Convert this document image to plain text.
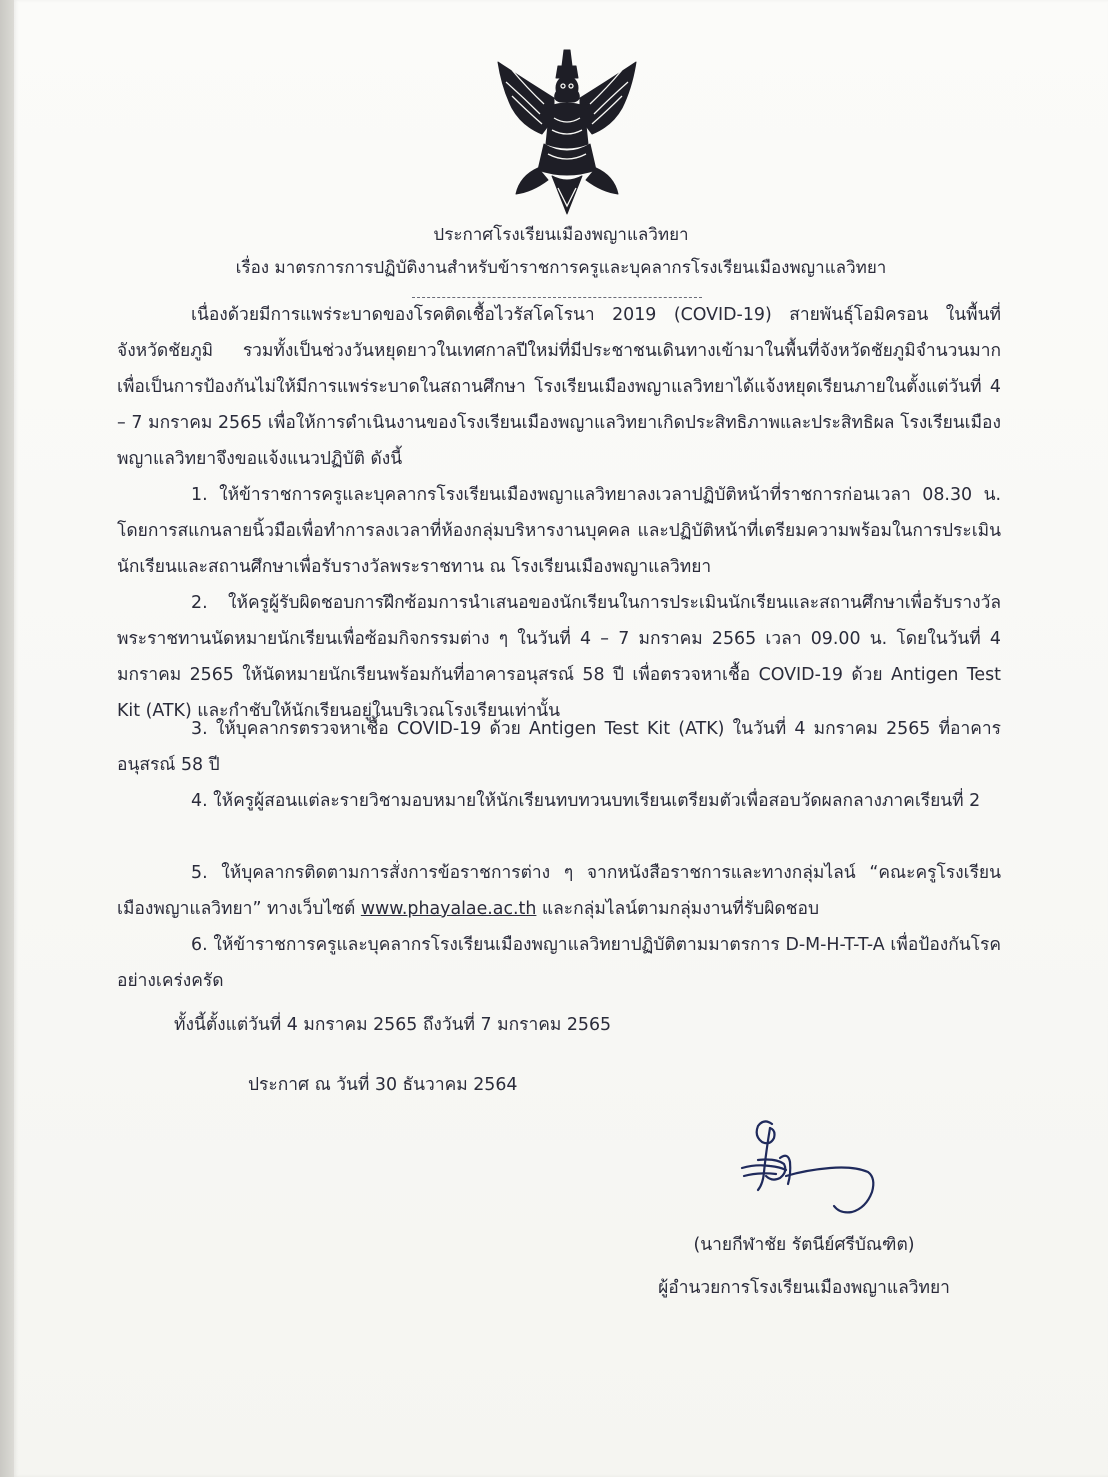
ประกาศโรงเรียนเมืองพญาแลวิทยา
เรื่อง มาตรการการปฏิบัติงานสำหรับข้าราชการครูและบุคลากรโรงเรียนเมืองพญาแลวิทยา

เนื่องด้วยมีการแพร่ระบาดของโรคติดเชื้อไวรัสโคโรนา 2019 (COVID-19) สายพันธุ์โอมิครอน ในพื้นที่จังหวัดชัยภูมิ รวมทั้งเป็นช่วงวันหยุดยาวในเทศกาลปีใหม่ที่มีประชาชนเดินทางเข้ามาในพื้นที่จังหวัดชัยภูมิจำนวนมาก เพื่อเป็นการป้องกันไม่ให้มีการแพร่ระบาดในสถานศึกษา โรงเรียนเมืองพญาแลวิทยาได้แจ้งหยุดเรียนภายในตั้งแต่วันที่ 4 – 7 มกราคม 2565 เพื่อให้การดำเนินงานของโรงเรียนเมืองพญาแลวิทยาเกิดประสิทธิภาพและประสิทธิผล โรงเรียนเมืองพญาแลวิทยาจึงขอแจ้งแนวปฏิบัติ ดังนี้

1. ให้ข้าราชการครูและบุคลากรโรงเรียนเมืองพญาแลวิทยาลงเวลาปฏิบัติหน้าที่ราชการก่อนเวลา 08.30 น. โดยการสแกนลายนิ้วมือเพื่อทำการลงเวลาที่ห้องกลุ่มบริหารงานบุคคล และปฏิบัติหน้าที่เตรียมความพร้อมในการประเมินนักเรียนและสถานศึกษาเพื่อรับรางวัลพระราชทาน ณ โรงเรียนเมืองพญาแลวิทยา

2. ให้ครูผู้รับผิดชอบการฝึกซ้อมการนำเสนอของนักเรียนในการประเมินนักเรียนและสถานศึกษาเพื่อรับรางวัลพระราชทานนัดหมายนักเรียนเพื่อซ้อมกิจกรรมต่าง ๆ ในวันที่ 4 – 7 มกราคม 2565 เวลา 09.00 น. โดยในวันที่ 4 มกราคม 2565 ให้นัดหมายนักเรียนพร้อมกันที่อาคารอนุสรณ์ 58 ปี เพื่อตรวจหาเชื้อ COVID-19 ด้วย Antigen Test Kit (ATK) และกำชับให้นักเรียนอยู่ในบริเวณโรงเรียนเท่านั้น

3. ให้บุคลากรตรวจหาเชื้อ COVID-19 ด้วย Antigen Test Kit (ATK) ในวันที่ 4 มกราคม 2565 ที่อาคารอนุสรณ์ 58 ปี

4. ให้ครูผู้สอนแต่ละรายวิชามอบหมายให้นักเรียนทบทวนบทเรียนเตรียมตัวเพื่อสอบวัดผลกลางภาคเรียนที่ 2

5. ให้บุคลากรติดตามการสั่งการข้อราชการต่าง ๆ จากหนังสือราชการและทางกลุ่มไลน์ “คณะครูโรงเรียนเมืองพญาแลวิทยา” ทางเว็บไซต์ www.phayalae.ac.th และกลุ่มไลน์ตามกลุ่มงานที่รับผิดชอบ

6. ให้ข้าราชการครูและบุคลากรโรงเรียนเมืองพญาแลวิทยาปฏิบัติตามมาตรการ D-M-H-T-T-A เพื่อป้องกันโรคอย่างเคร่งครัด

ทั้งนี้ตั้งแต่วันที่ 4 มกราคม 2565 ถึงวันที่ 7 มกราคม 2565
ประกาศ ณ วันที่ 30 ธันวาคม 2564
(นายกีฬาชัย รัตนีย์ศรีบัณฑิต)
ผู้อำนวยการโรงเรียนเมืองพญาแลวิทยา
